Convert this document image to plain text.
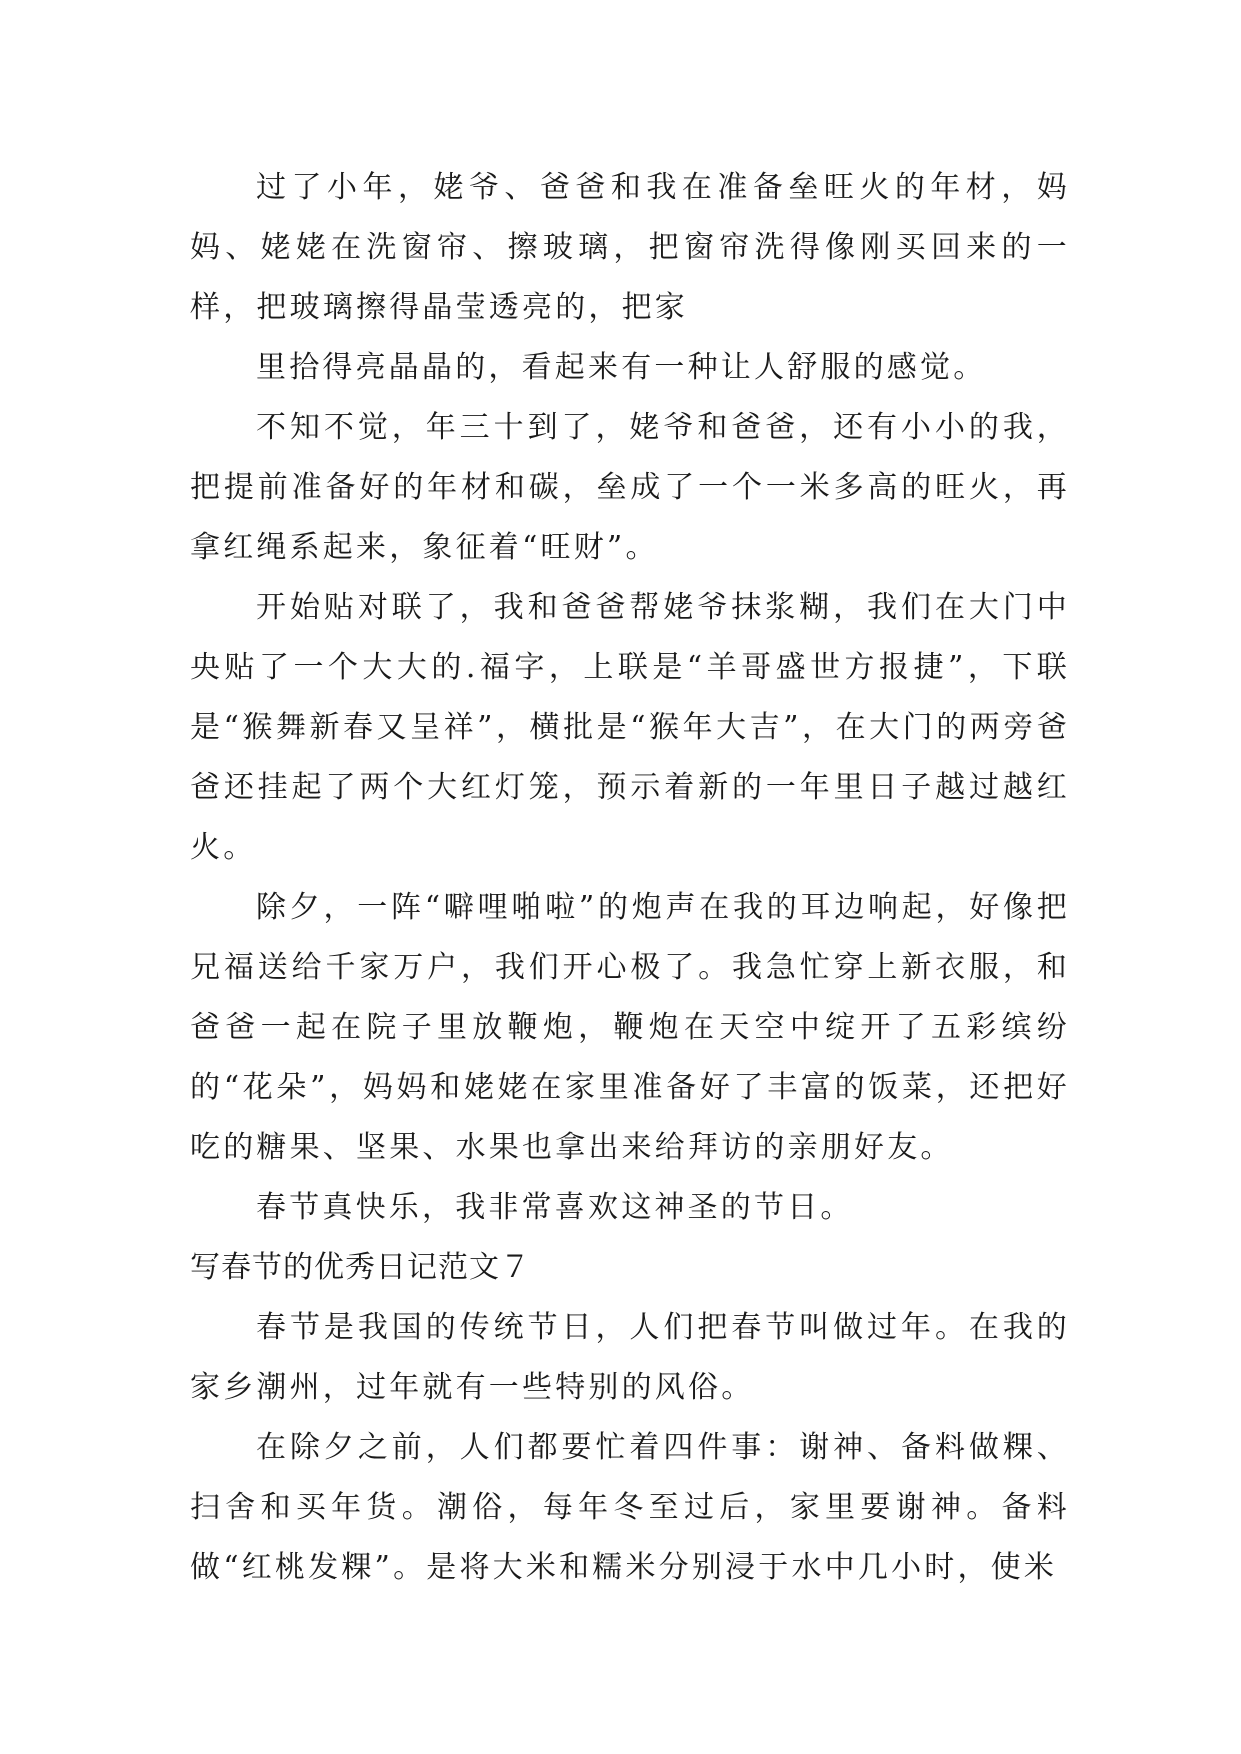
过了小年，姥爷、爸爸和我在准备垒旺火的年材，妈妈、姥姥在洗窗帘、擦玻璃，把窗帘洗得像刚买回来的一样，把玻璃擦得晶莹透亮的，把家

里拾得亮晶晶的，看起来有一种让人舒服的感觉。

不知不觉，年三十到了，姥爷和爸爸，还有小小的我，把提前准备好的年材和碳，垒成了一个一米多高的旺火，再拿红绳系起来，象征着“旺财”。

开始贴对联了，我和爸爸帮姥爷抹浆糊，我们在大门中央贴了一个大大的.福字，上联是“羊哥盛世方报捷”，下联是“猴舞新春又呈祥”，横批是“猴年大吉”，在大门的两旁爸爸还挂起了两个大红灯笼，预示着新的一年里日子越过越红火。

除夕，一阵“噼哩啪啦”的炮声在我的耳边响起，好像把兄福送给千家万户，我们开心极了。我急忙穿上新衣服，和爸爸一起在院子里放鞭炮，鞭炮在天空中绽开了五彩缤纷的“花朵”，妈妈和姥姥在家里准备好了丰富的饭菜，还把好吃的糖果、坚果、水果也拿出来给拜访的亲朋好友。

春节真快乐，我非常喜欢这神圣的节日。

写春节的优秀日记范文７

春节是我国的传统节日，人们把春节叫做过年。在我的家乡潮州，过年就有一些特别的风俗。

在除夕之前，人们都要忙着四件事：谢神、备料做粿、扫舍和买年货。潮俗，每年冬至过后，家里要谢神。备料做“红桃发粿”。是将大米和糯米分别浸于水中几小时，使米
